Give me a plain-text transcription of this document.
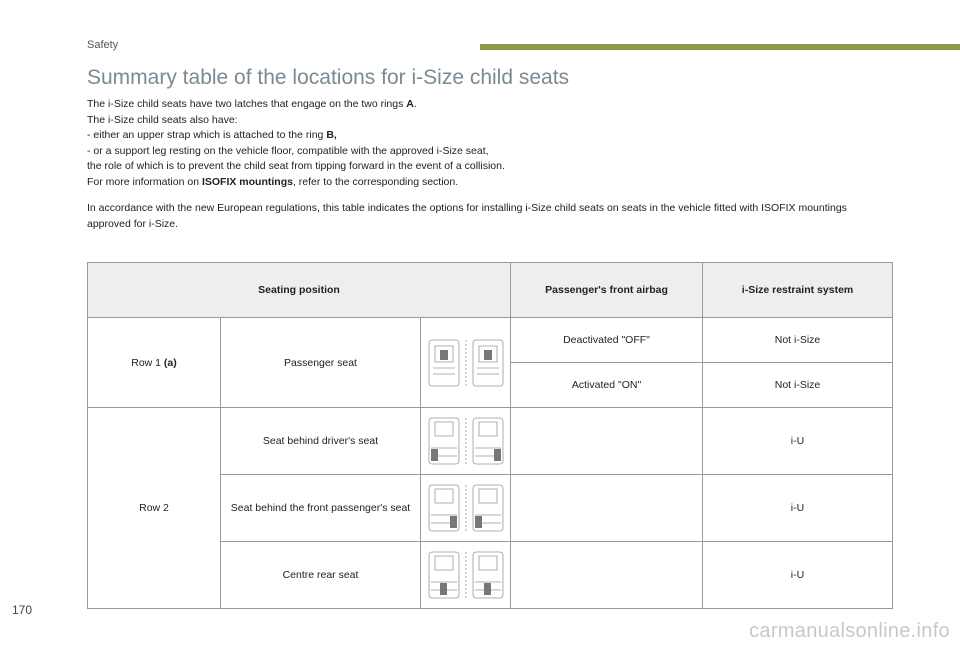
Safety
Summary table of the locations for i-Size child seats

The i-Size child seats have two latches that engage on the two rings A.

The i-Size child seats also have:

- either an upper strap which is attached to the ring B,

- or a support leg resting on the vehicle floor, compatible with the approved i-Size seat,

the role of which is to prevent the child seat from tipping forward in the event of a collision.

For more information on ISOFIX mountings, refer to the corresponding section.

In accordance with the new European regulations, this table indicates the options for installing i-Size child seats on seats in the vehicle fitted with ISOFIX mountings approved for i-Size.

Seating position			Passenger's front airbag	i-Size restraint system
Row 1 (a)	Passenger seat		Deactivated "OFF"	Not i-Size
			Activated "ON"	Not i-Size
Row 2	Seat behind driver's seat			i-U
	Seat behind the front passenger's seat			i-U
	Centre rear seat			i-U
170
carmanualsonline.info
